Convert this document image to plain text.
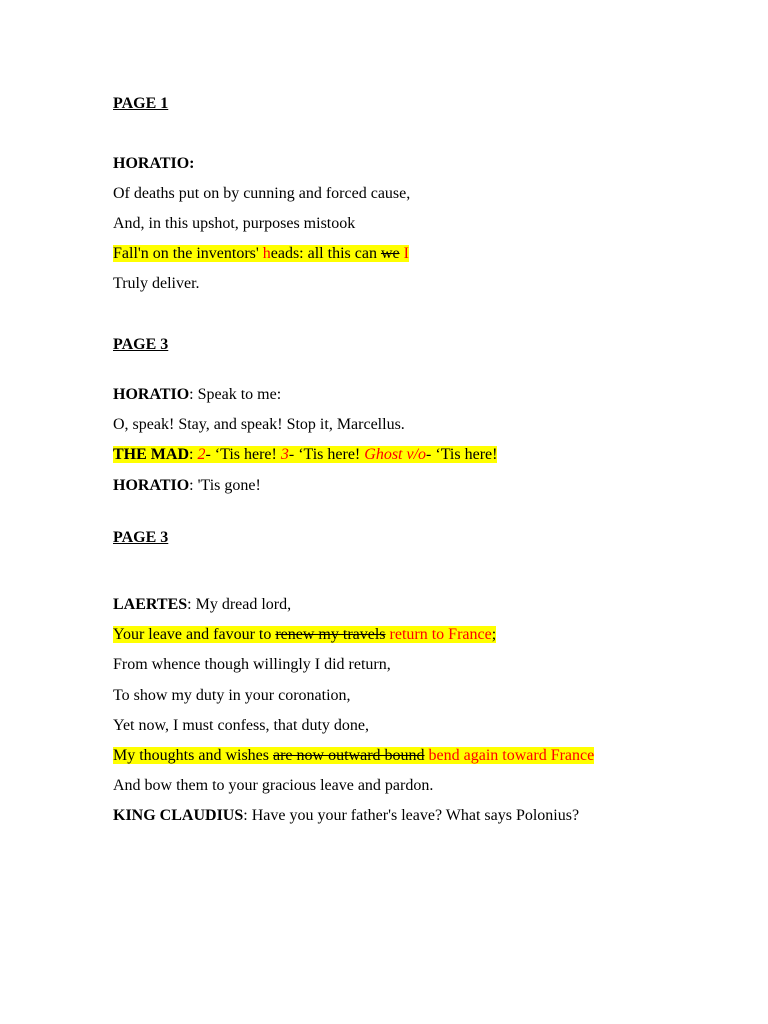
PAGE 1
HORATIO:
Of deaths put on by cunning and forced cause,
And, in this upshot, purposes mistook
Fall'n on the inventors' heads: all this can we I
Truly deliver.
PAGE 3
HORATIO: Speak to me:
O, speak! Stay, and speak! Stop it, Marcellus.
THE MAD: 2- ‘Tis here! 3- ‘Tis here! Ghost v/o- ‘Tis here!
HORATIO: 'Tis gone!
PAGE 3
LAERTES: My dread lord,
Your leave and favour to renew my travels return to France;
From whence though willingly I did return,
To show my duty in your coronation,
Yet now, I must confess, that duty done,
My thoughts and wishes are now outward bound bend again toward France
And bow them to your gracious leave and pardon.
KING CLAUDIUS: Have you your father's leave? What says Polonius?
